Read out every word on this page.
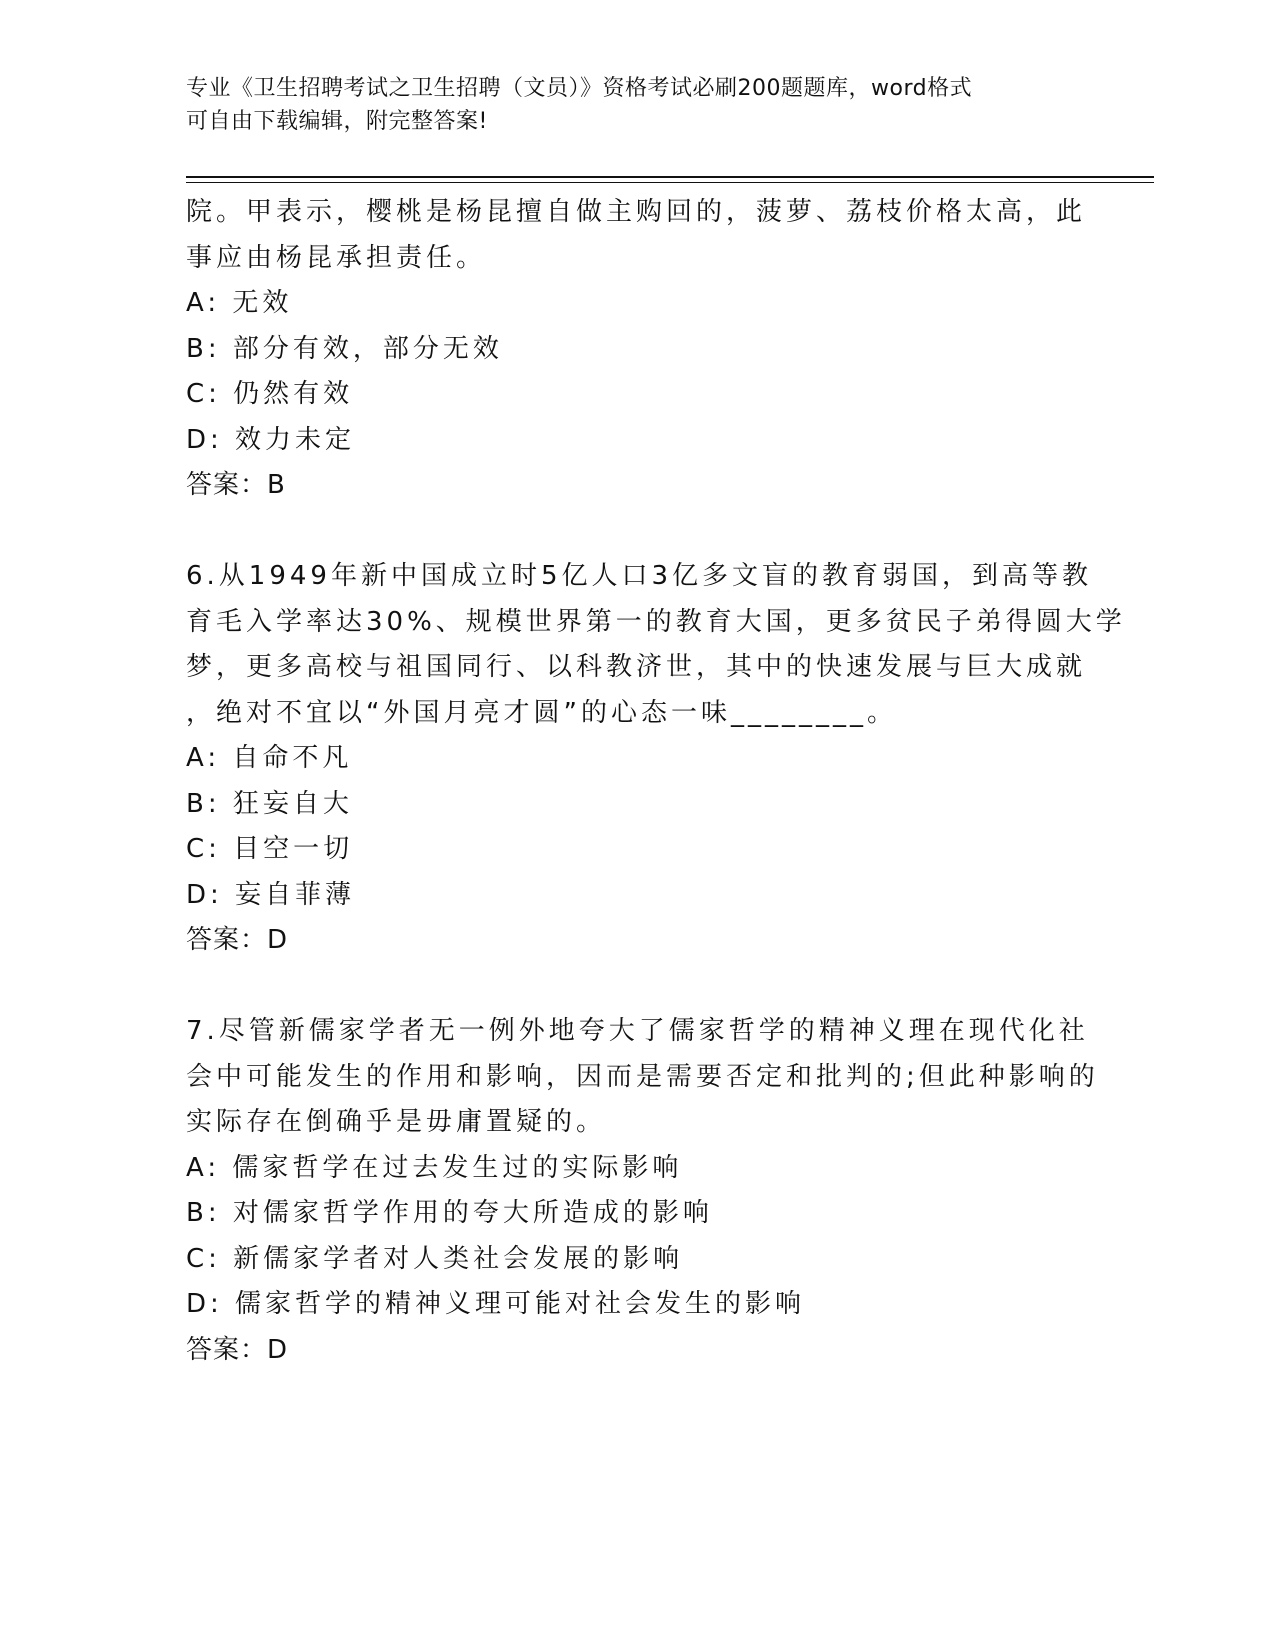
专业《卫生招聘考试之卫生招聘（文员）》资格考试必刷200题题库，word格式
可自由下载编辑，附完整答案!
院。甲表示，樱桃是杨昆擅自做主购回的，菠萝、荔枝价格太高，此
事应由杨昆承担责任。
A: 无效
B: 部分有效，部分无效
C: 仍然有效
D: 效力未定
答案：B
6.从1949年新中国成立时5亿人口3亿多文盲的教育弱国，到高等教
育毛入学率达30%、规模世界第一的教育大国，更多贫民子弟得圆大学
梦，更多高校与祖国同行、以科教济世，其中的快速发展与巨大成就
，绝对不宜以“外国月亮才圆”的心态一味________。
A: 自命不凡
B: 狂妄自大
C: 目空一切
D: 妄自菲薄
答案：D
7.尽管新儒家学者无一例外地夸大了儒家哲学的精神义理在现代化社
会中可能发生的作用和影响，因而是需要否定和批判的;但此种影响的
实际存在倒确乎是毋庸置疑的。
A: 儒家哲学在过去发生过的实际影响
B: 对儒家哲学作用的夸大所造成的影响
C: 新儒家学者对人类社会发展的影响
D: 儒家哲学的精神义理可能对社会发生的影响
答案：D
